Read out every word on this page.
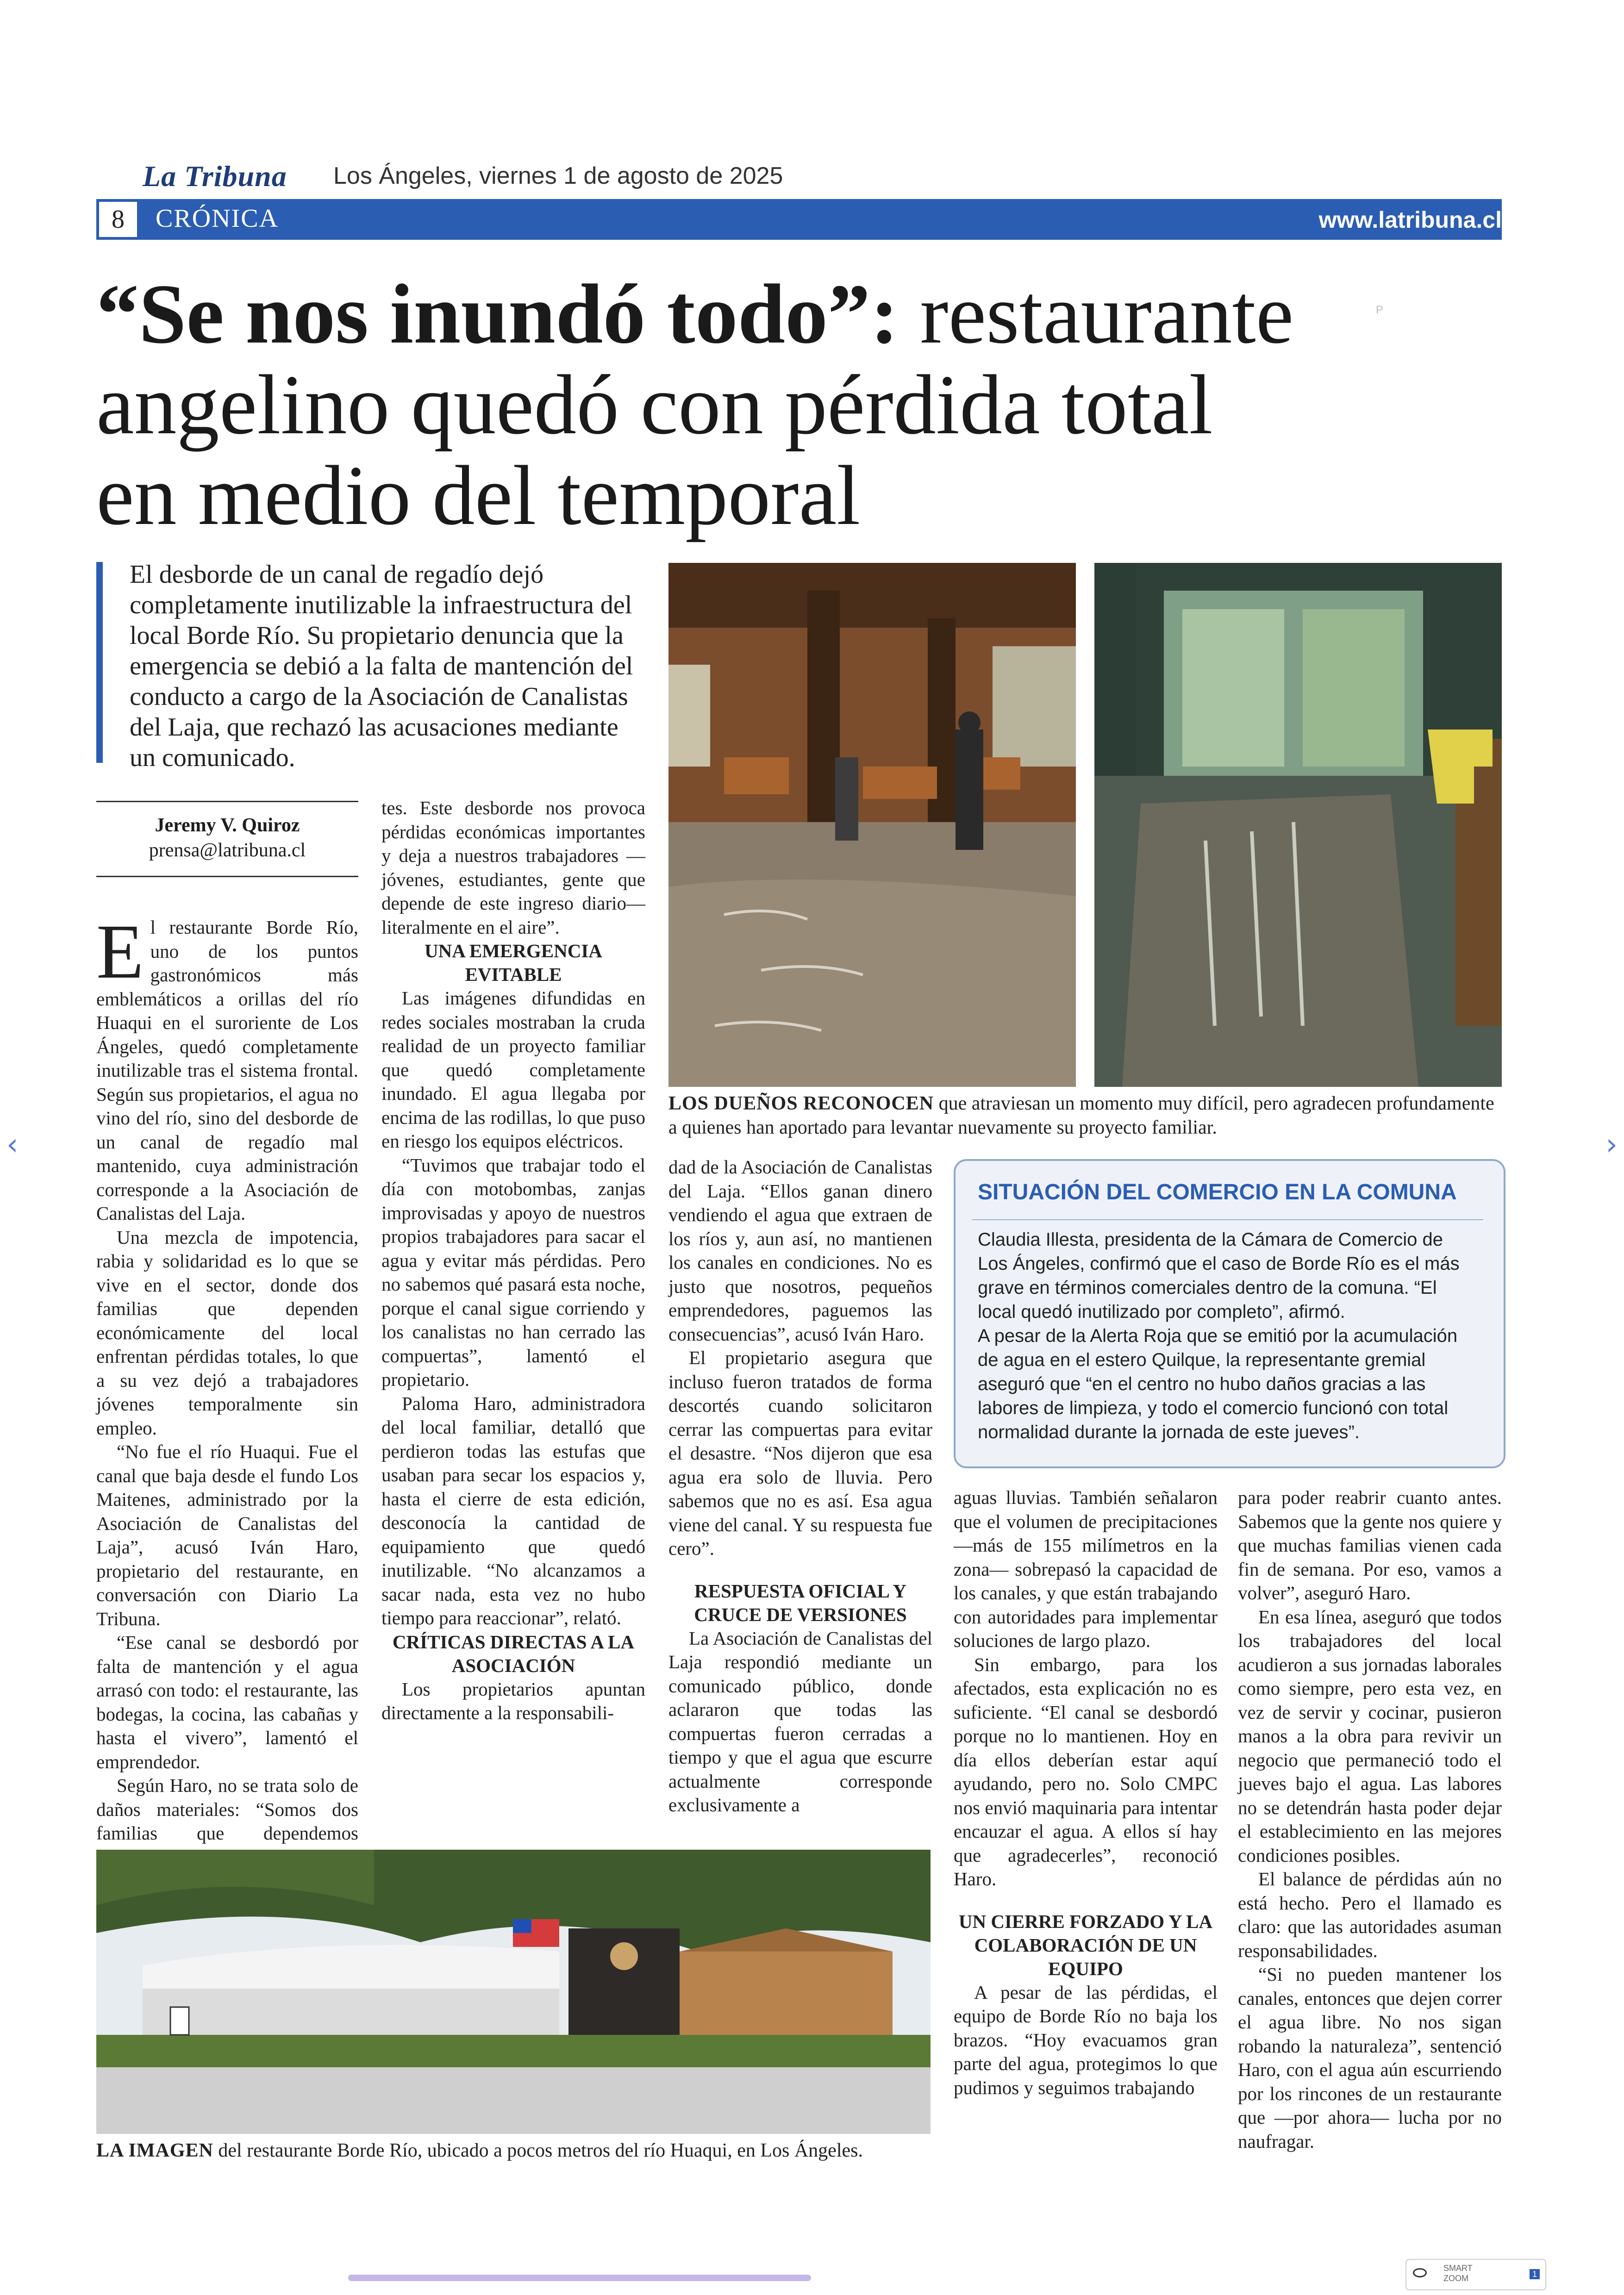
La Tribuna Los Ángeles, viernes 1 de agosto de 2025
8	CRÓNICA	www.latribuna.cl
“Se nos inundó todo”: restaurante
angelino quedó con pérdida total
en medio del temporal
P
El desborde de un canal de regadío dejó completamente inutilizable la infraestructura del local Borde Río. Su propietario denuncia que la emergencia se debió a la falta de mantención del conducto a cargo de la Asociación de Canalistas del Laja, que rechazó las acusaciones mediante un comunicado.
LOS DUEÑOS RECONOCEN que atraviesan un momento muy difícil, pero agradecen profundamente a quienes han aportado para levantar nuevamente su proyecto familiar.
Jeremy V. Quiroz
prensa@latribuna.cl

El restaurante Borde Río, uno de los puntos gastronómicos más emblemáticos a orillas del río Huaqui en el suroriente de Los Ángeles, quedó completamente inutilizable tras el sistema frontal. Según sus propietarios, el agua no vino del río, sino del desborde de un canal de regadío mal mantenido, cuya administración corresponde a la Asociación de Canalistas del Laja.

Una mezcla de impotencia, rabia y solidaridad es lo que se vive en el sector, donde dos familias que dependen económicamente del local enfrentan pérdidas totales, lo que a su vez dejó a trabajadores jóvenes temporalmente sin empleo.

“No fue el río Huaqui. Fue el canal que baja desde el fundo Los Maitenes, administrado por la Asociación de Canalistas del Laja”, acusó Iván Haro, propietario del restaurante, en conversación con Diario La Tribuna.

“Ese canal se desbordó por falta de mantención y el agua arrasó con todo: el restaurante, las bodegas, la cocina, las cabañas y hasta el vivero”, lamentó el emprendedor.

Según Haro, no se trata solo de daños materiales: “Somos dos familias que dependemos

tes. Este desborde nos provoca pérdidas económicas importantes y deja a nuestros trabajadores —jóvenes, estudiantes, gente que depende de este ingreso diario— literalmente en el aire”.

UNA EMERGENCIA EVITABLE

Las imágenes difundidas en redes sociales mostraban la cruda realidad de un proyecto familiar que quedó completamente inundado. El agua llegaba por encima de las rodillas, lo que puso en riesgo los equipos eléctricos.

“Tuvimos que trabajar todo el día con motobombas, zanjas improvisadas y apoyo de nuestros propios trabajadores para sacar el agua y evitar más pérdidas. Pero no sabemos qué pasará esta noche, porque el canal sigue corriendo y los canalistas no han cerrado las compuertas”, lamentó el propietario.

Paloma Haro, administradora del local familiar, detalló que perdieron todas las estufas que usaban para secar los espacios y, hasta el cierre de esta edición, desconocía la cantidad de equipamiento que quedó inutilizable. “No alcanzamos a sacar nada, esta vez no hubo tiempo para reaccionar”, relató.

CRÍTICAS DIRECTAS A LA ASOCIACIÓN

Los propietarios apuntan directamente a la responsabili-

dad de la Asociación de Canalistas del Laja. “Ellos ganan dinero vendiendo el agua que extraen de los ríos y, aun así, no mantienen los canales en condiciones. No es justo que nosotros, pequeños emprendedores, paguemos las consecuencias”, acusó Iván Haro.

El propietario asegura que incluso fueron tratados de forma descortés cuando solicitaron cerrar las compuertas para evitar el desastre. “Nos dijeron que esa agua era solo de lluvia. Pero sabemos que no es así. Esa agua viene del canal. Y su respuesta fue cero”.

RESPUESTA OFICIAL Y CRUCE DE VERSIONES

La Asociación de Canalistas del Laja respondió mediante un comunicado público, donde aclararon que todas las compuertas fueron cerradas a tiempo y que el agua que escurre actualmente corresponde exclusivamente a

SITUACIÓN DEL COMERCIO EN LA COMUNA

Claudia Illesta, presidenta de la Cámara de Comercio de Los Ángeles, confirmó que el caso de Borde Río es el más grave en términos comerciales dentro de la comuna. “El local quedó inutilizado por completo”, afirmó.

A pesar de la Alerta Roja que se emitió por la acumulación de agua en el estero Quilque, la representante gremial aseguró que “en el centro no hubo daños gracias a las labores de limpieza, y todo el comercio funcionó con total normalidad durante la jornada de este jueves”.

aguas lluvias. También señalaron que el volumen de precipitaciones —más de 155 milímetros en la zona— sobrepasó la capacidad de los canales, y que están trabajando con autoridades para implementar soluciones de largo plazo.

Sin embargo, para los afectados, esta explicación no es suficiente. “El canal se desbordó porque no lo mantienen. Hoy en día ellos deberían estar aquí ayudando, pero no. Solo CMPC nos envió maquinaria para intentar encauzar el agua. A ellos sí hay que agradecerles”, reconoció Haro.

UN CIERRE FORZADO Y LA COLABORACIÓN DE UN EQUIPO

A pesar de las pérdidas, el equipo de Borde Río no baja los brazos. “Hoy evacuamos gran parte del agua, protegimos lo que pudimos y seguimos trabajando

para poder reabrir cuanto antes. Sabemos que la gente nos quiere y que muchas familias vienen cada fin de semana. Por eso, vamos a volver”, aseguró Haro.

En esa línea, aseguró que todos los trabajadores del local acudieron a sus jornadas laborales como siempre, pero esta vez, en vez de servir y cocinar, pusieron manos a la obra para revivir un negocio que permaneció todo el jueves bajo el agua. Las labores no se detendrán hasta poder dejar el establecimiento en las mejores condiciones posibles.

El balance de pérdidas aún no está hecho. Pero el llamado es claro: que las autoridades asuman responsabilidades.

“Si no pueden mantener los canales, entonces que dejen correr el agua libre. No nos sigan robando la naturaleza”, sentenció Haro, con el agua aún escurriendo por los rincones de un restaurante que —por ahora— lucha por no naufragar.

LA IMAGEN del restaurante Borde Río, ubicado a pocos metros del río Huaqui, en Los Ángeles.
‹	›
SMART
ZOOM	1
